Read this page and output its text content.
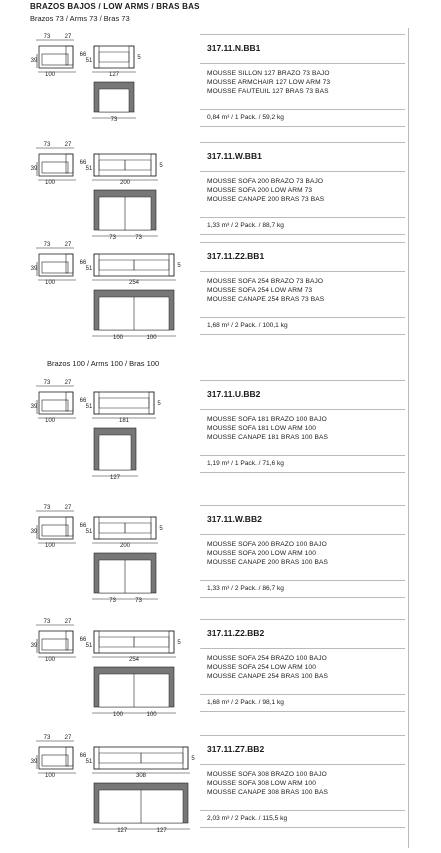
BRAZOS BAJOS / LOW ARMS / BRAS BAS
Brazos 73 / Arms 73 / Bras 73
Brazos 100 / Arms 100 / Bras 100
317.11.N.BB1
MOUSSE SILLON 127 BRAZO 73 BAJO
MOUSSE ARMCHAIR 127 LOW ARM 73
MOUSSE FAUTEUIL 127 BRAS 73 BAS
0,84 m³ / 1 Pack. / 59,2 kg
73 27
39
100
66
51	5
127
73
317.11.W.BB1
MOUSSE SOFA 200 BRAZO 73 BAJO
MOUSSE SOFA 200 LOW ARM 73
MOUSSE CANAPE 200 BRAS 73 BAS
1,33 m³ / 2 Pack. / 88,7 kg
73 27
39
100
66
51	5
200
73	73
317.11.Z2.BB1
MOUSSE SOFA 254 BRAZO 73 BAJO
MOUSSE SOFA 254 LOW ARM 73
MOUSSE CANAPE 254 BRAS 73 BAS
1,68 m³ / 2 Pack. / 100,1 kg
73 27
39
100
66
51	5
254
100	100
317.11.U.BB2
MOUSSE SOFA 181 BRAZO 100 BAJO
MOUSSE SOFA 181 LOW ARM 100
MOUSSE CANAPE 181 BRAS 100 BAS
1,19 m³ / 1 Pack. / 71,6 kg
73 27
39
100
66
51	5
181
127
317.11.W.BB2
MOUSSE SOFA 200 BRAZO 100 BAJO
MOUSSE SOFA 200 LOW ARM 100
MOUSSE CANAPE 200 BRAS 100 BAS
1,33 m³ / 2 Pack. / 86,7 kg
73 27
39
100
66
51	5
200
73	73
317.11.Z2.BB2
MOUSSE SOFA 254 BRAZO 100 BAJO
MOUSSE SOFA 254 LOW ARM 100
MOUSSE CANAPE 254 BRAS 100 BAS
1,68 m³ / 2 Pack. / 98,1 kg
73 27
39
100
66
51	5
254
100	100
317.11.Z7.BB2
MOUSSE SOFA 308 BRAZO 100 BAJO
MOUSSE SOFA 308 LOW ARM 100
MOUSSE CANAPE 308 BRAS 100 BAS
2,03 m³ / 2 Pack. / 115,5 kg
73 27
39
100
66
51	5
308
127	127
